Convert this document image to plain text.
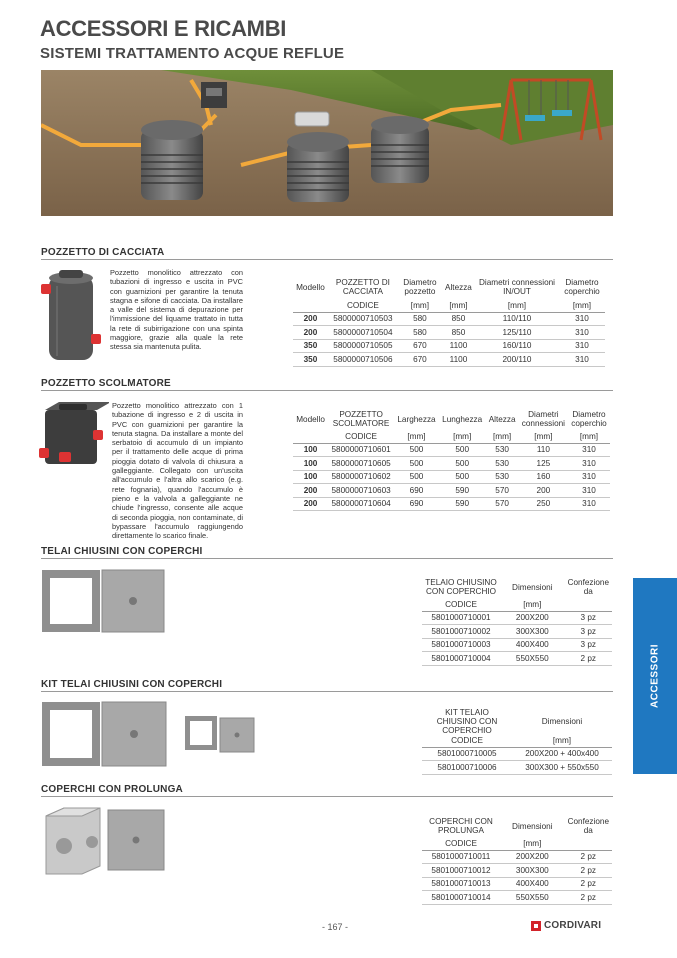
ACCESSORI E RICAMBI
SISTEMI TRATTAMENTO ACQUE REFLUE
POZZETTO DI CACCIATA
Pozzetto monolitico attrezzato con tubazioni di ingresso e uscita in PVC con guarnizioni per garantire la tenuta stagna e sifone di cacciata. Da installare a valle del sistema di depurazione per l'immissione del liquame trattato in tutta la rete di subirrigazione con una spinta maggiore, grazie alla quale la rete stessa sia mantenuta pulita.
Modello	POZZETTO DI CACCIATA	Diametro pozzetto	Altezza	Diametri connessioni IN/OUT	Diametro coperchio
	CODICE	[mm]	[mm]	[mm]	[mm]
200	5800000710503	580	850	110/110	310
200	5800000710504	580	850	125/110	310
350	5800000710505	670	1100	160/110	310
350	5800000710506	670	1100	200/110	310
POZZETTO SCOLMATORE
Pozzetto monolitico attrezzato con 1 tubazione di ingresso e 2 di uscita in PVC con guarnizioni per garantire la tenuta stagna. Da installare a monte del serbatoio di accumulo di un impianto per il trattamento delle acque di prima pioggia dotato di valvola di chiusura a galleggiante. Collegato con un'uscita all'accumulo e l'altra allo scarico (e.g. rete fognaria), quando l'accumulo è pieno e la valvola a galleggiante ne chiude l'ingresso, consente alle acque di seconda pioggia, non contaminate, di bypassare l'accumulo raggiungendo direttamente lo scarico finale.
Modello	POZZETTO SCOLMATORE	Larghezza	Lunghezza	Altezza	Diametri connessioni	Diametro coperchio
	CODICE	[mm]	[mm]	[mm]	[mm]	[mm]
100	5800000710601	500	500	530	110	310
100	5800000710605	500	500	530	125	310
100	5800000710602	500	500	530	160	310
200	5800000710603	690	590	570	200	310
200	5800000710604	690	590	570	250	310
TELAI CHIUSINI CON COPERCHI
TELAIO CHIUSINO CON COPERCHIO	Dimensioni	Confezione da
CODICE	[mm]	
5801000710001	200X200	3 pz
5801000710002	300X300	3 pz
5801000710003	400X400	3 pz
5801000710004	550X550	2 pz	ACCESSORI
KIT TELAI CHIUSINI CON COPERCHI
KIT TELAIO CHIUSINO CON COPERCHIO	Dimensioni
CODICE	[mm]
5801000710005	200X200 + 400x400
5801000710006	300X300 + 550x550
COPERCHI CON PROLUNGA
COPERCHI CON PROLUNGA	Dimensioni	Confezione da
CODICE	[mm]	
5801000710011	200X200	2 pz
5801000710012	300X300	2 pz
5801000710013	400X400	2 pz
5801000710014	550X550	2 pz
- 167 -	CORDIVARI
